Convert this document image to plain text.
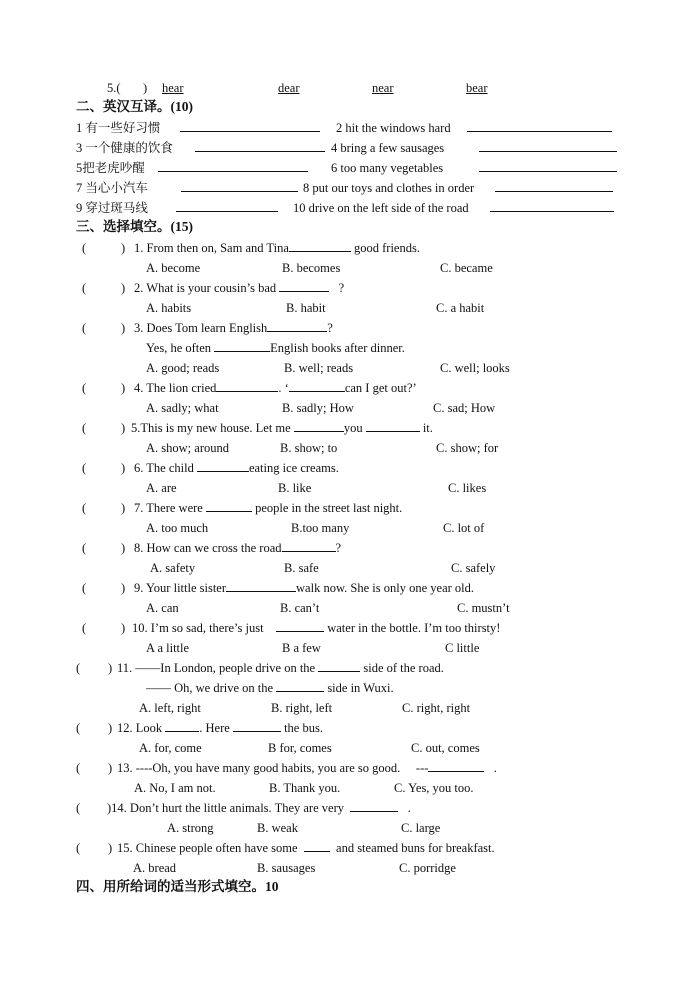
5.( ) hear	dear	near	bear
二、英汉互译。(10)
1 有一些好习惯	2 hit the windows hard
3 一个健康的饮食	4 bring a few sausages
5把老虎吵醒	6 too many vegetables
7 当心小汽车	8 put our toys and clothes in order
9 穿过斑马线	10 drive on the left side of the road
三、选择填空。(15)
(	) 1. From then on, Sam and Tina	good friends.
A. become	B. becomes	C. became
(	) 2. What is your cousin’s bad	?
A. habits	B. habit	C. a habit
(	) 3. Does Tom learn English	?
Yes, he often	English books after dinner.
A. good; reads	B. well; reads	C. well; looks
(	) 4. The lion cried	. ‘	can I get out?’
A. sadly; what	B. sadly; How	C. sad; How
(	) 5.This is my new house. Let me	you	it.
A. show; around	B. show; to	C. show; for
(	) 6. The child	eating ice creams.
A. are	B. like	C. likes
(	) 7. There were	people in the street last night.
A. too much	B.too many	C. lot of
(	) 8. How can we cross the road	?
A. safety	B. safe	C. safely
(	) 9. Your little sister	walk now. She is only one year old.
A. can	B. can’t	C. mustn’t
(	) 10. I’m so sad, there’s just	water in the bottle. I’m too thirsty!
A a little	B a few	C little
( ) 11. ——In London, people drive on the	side of the road.
—— Oh, we drive on the	side in Wuxi.
A. left, right	B. right, left	C. right, right
( ) 12. Look	. Here	the bus.
A. for, come	B for, comes	C. out, comes
( ) 13. ----Oh, you have many good habits, you are so good. ---	.
A. No, I am not.	B. Thank you.	C. Yes, you too.
( )14. Don’t hurt the little animals. They are very	.
A. strong	B. weak	C. large
( ) 15. Chinese people often have some	and steamed buns for breakfast.
A. bread	B. sausages	C. porridge
四、用所给词的适当形式填空。10
